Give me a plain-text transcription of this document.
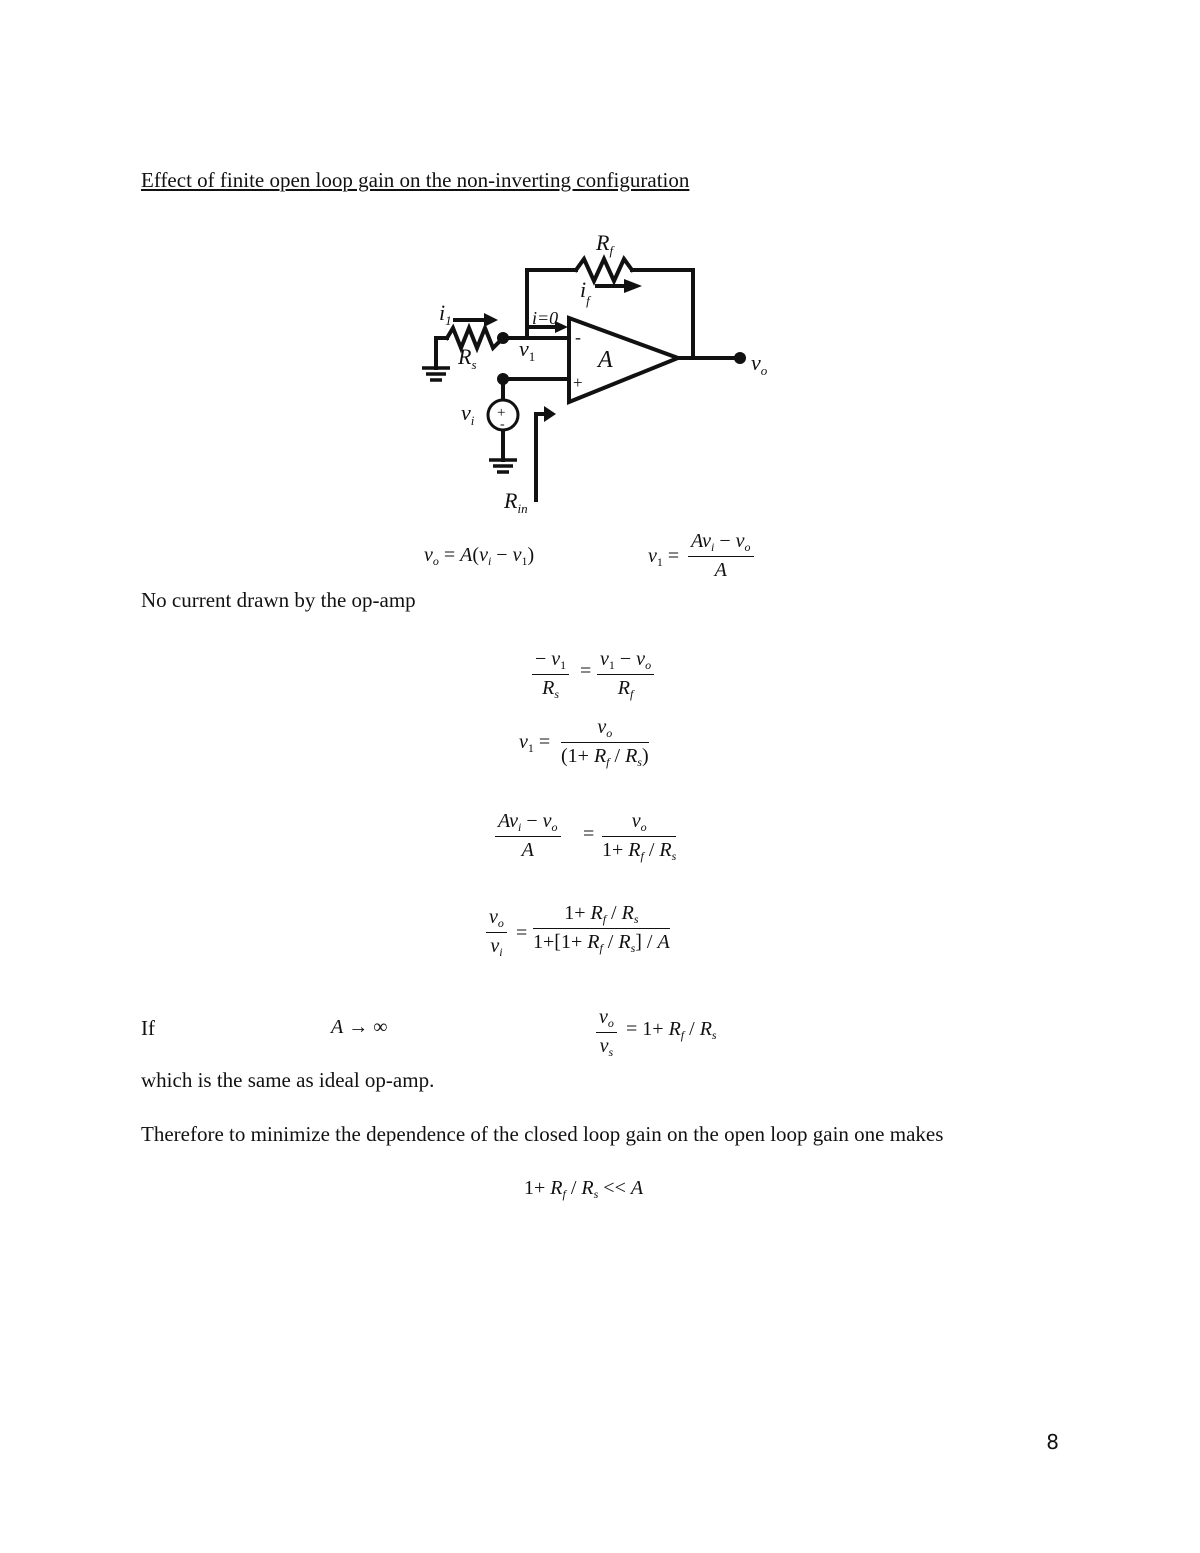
Effect of finite open loop gain on the non-inverting configuration
$R_f$
$i_f$
$i_1$	i=0
$R_s$
$v_1$
-
+
A	$v_o$
$v_i$ +
-
$R_{in}$
$v_o = A(v_i - v_1)$	$v_1$ =
$Av_i - v_o$
A
No current drawn by the op-amp
$\frac{- v_1}{R_s} = \frac{v_1 - v_o}{R_f}$
$v_1 = \frac{v_o}{(1+ R_f / R_s)}$
$Av_i - v_o$
A
= $\frac{v_o}{1+ R_f / R_s}$
$\frac{v_o}{v_i} = \frac{1+ R_f / R_s}{1+[1+ R_f / R_s] / A}$
If	A → ∞	$\frac{v_o}{v_s} = 1+ R_f / R_s$
which is the same as ideal op-amp.
Therefore to minimize the dependence of the closed loop gain on the open loop gain one makes
$1+ R_f / R_s << A$
8
